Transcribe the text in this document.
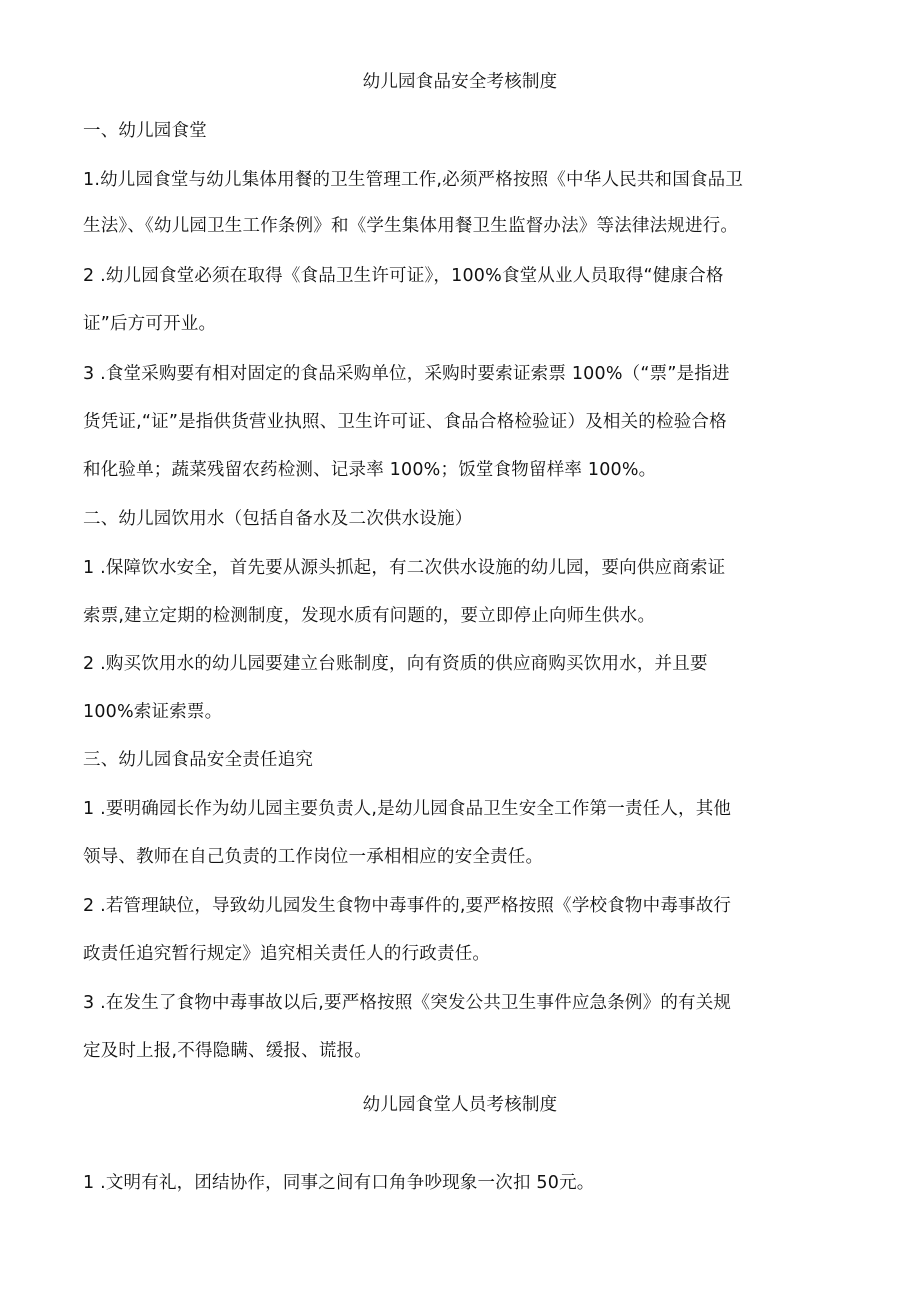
幼儿园食品安全考核制度
一、幼儿园食堂
1.幼儿园食堂与幼儿集体用餐的卫生管理工作,必须严格按照《中华人民共和国食品卫
生法》、《幼儿园卫生工作条例》和《学生集体用餐卫生监督办法》等法律法规进行。
2 .幼儿园食堂必须在取得《食品卫生许可证》，100%食堂从业人员取得“健康合格
证”后方可开业。
3 .食堂采购要有相对固定的食品采购单位，采购时要索证索票 100%（“票”是指进
货凭证,“证”是指供货营业执照、卫生许可证、食品合格检验证）及相关的检验合格
和化验单；蔬菜残留农药检测、记录率 100%；饭堂食物留样率 100%。
二、幼儿园饮用水（包括自备水及二次供水设施）
1 .保障饮水安全，首先要从源头抓起，有二次供水设施的幼儿园，要向供应商索证
索票,建立定期的检测制度，发现水质有问题的，要立即停止向师生供水。
2 .购买饮用水的幼儿园要建立台账制度，向有资质的供应商购买饮用水，并且要
100%索证索票。
三、幼儿园食品安全责任追究
1 .要明确园长作为幼儿园主要负责人,是幼儿园食品卫生安全工作第一责任人，其他
领导、教师在自己负责的工作岗位一承相相应的安全责任。
2 .若管理缺位，导致幼儿园发生食物中毒事件的,要严格按照《学校食物中毒事故行
政责任追究暂行规定》追究相关责任人的行政责任。
3 .在发生了食物中毒事故以后,要严格按照《突发公共卫生事件应急条例》的有关规
定及时上报,不得隐瞒、缓报、谎报。
幼儿园食堂人员考核制度
1 .文明有礼，团结协作，同事之间有口角争吵现象一次扣 50元。
